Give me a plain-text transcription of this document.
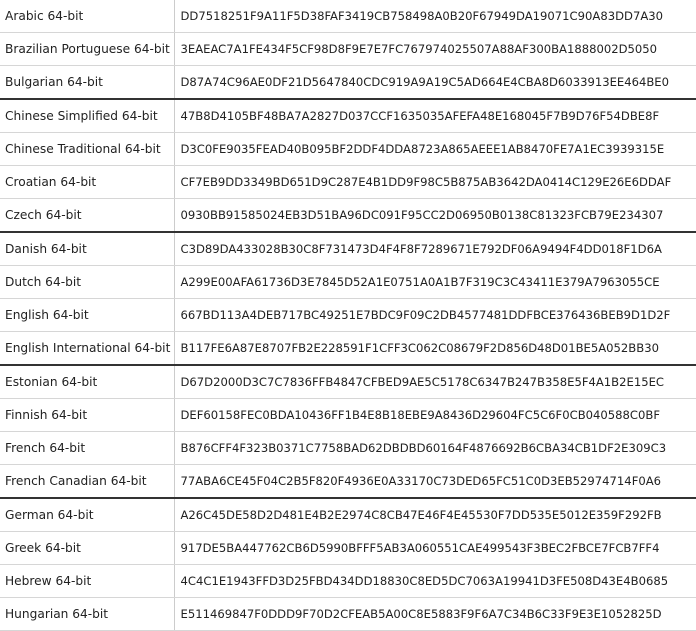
Arabic 64-bit	DD7518251F9A11F5D38FAF3419CB758498A0B20F67949DA19071C90A83DD7A30
Brazilian Portuguese 64-bit	3EAEAC7A1FE434F5CF98D8F9E7E7FC767974025507A88AF300BA1888002D5050
Bulgarian 64-bit	D87A74C96AE0DF21D5647840CDC919A9A19C5AD664E4CBA8D6033913EE464BE0
Chinese Simplified 64-bit	47B8D4105BF48BA7A2827D037CCF1635035AFEFA48E168045F7B9D76F54DBE8F
Chinese Traditional 64-bit	D3C0FE9035FEAD40B095BF2DDF4DDA8723A865AEEE1AB8470FE7A1EC3939315E
Croatian 64-bit	CF7EB9DD3349BD651D9C287E4B1DD9F98C5B875AB3642DA0414C129E26E6DDAF
Czech 64-bit	0930BB91585024EB3D51BA96DC091F95CC2D06950B0138C81323FCB79E234307
Danish 64-bit	C3D89DA433028B30C8F731473D4F4F8F7289671E792DF06A9494F4DD018F1D6A
Dutch 64-bit	A299E00AFA61736D3E7845D52A1E0751A0A1B7F319C3C43411E379A7963055CE
English 64-bit	667BD113A4DEB717BC49251E7BDC9F09C2DB4577481DDFBCE376436BEB9D1D2F
English International 64-bit	B117FE6A87E8707FB2E228591F1CFF3C062C08679F2D856D48D01BE5A052BB30
Estonian 64-bit	D67D2000D3C7C7836FFB4847CFBED9AE5C5178C6347B247B358E5F4A1B2E15EC
Finnish 64-bit	DEF60158FEC0BDA10436FF1B4E8B18EBE9A8436D29604FC5C6F0CB040588C0BF
French 64-bit	B876CFF4F323B0371C7758BAD62DBDBD60164F4876692B6CBA34CB1DF2E309C3
French Canadian 64-bit	77ABA6CE45F04C2B5F820F4936E0A33170C73DED65FC51C0D3EB52974714F0A6
German 64-bit	A26C45DE58D2D481E4B2E2974C8CB47E46F4E45530F7DD535E5012E359F292FB
Greek 64-bit	917DE5BA447762CB6D5990BFFF5AB3A060551CAE499543F3BEC2FBCE7FCB7FF4
Hebrew 64-bit	4C4C1E1943FFD3D25FBD434DD18830C8ED5DC7063A19941D3FE508D43E4B0685
Hungarian 64-bit	E511469847F0DDD9F70D2CFEAB5A00C8E5883F9F6A7C34B6C33F9E3E1052825D
